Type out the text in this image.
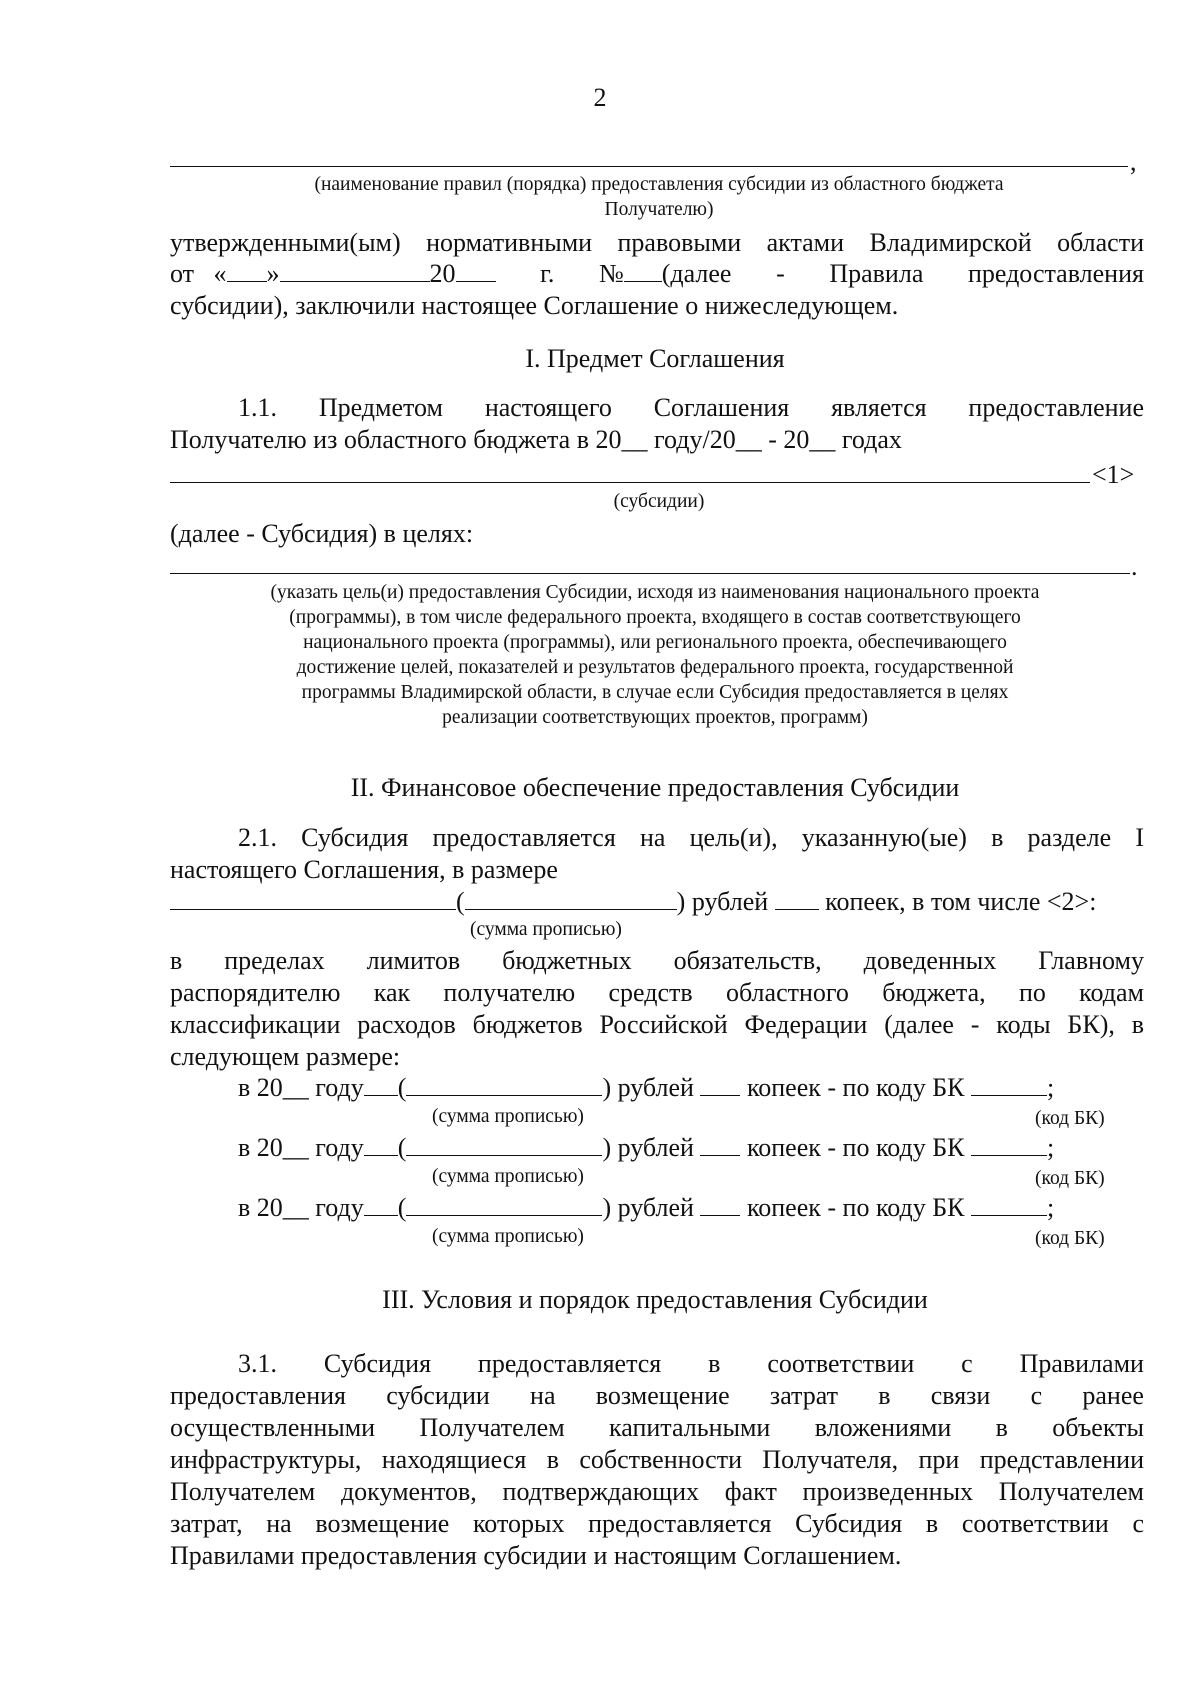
2
,
(наименование правил (порядка) предоставления субсидии из областного бюджета
Получателю)
утвержденными(ым) нормативными правовыми актами Владимирской области
от « »	20	г. № (далее - Правила предоставления
субсидии), заключили настоящее Соглашение о нижеследующем.
I. Предмет Соглашения
1.1. Предметом настоящего Соглашения является предоставление
Получателю из областного бюджета в 20__ году/20__ - 20__ годах
<1>
(субсидии)
(далее - Субсидия) в целях:
.
(указать цель(и) предоставления Субсидии, исходя из наименования национального проекта
(программы), в том числе федерального проекта, входящего в состав соответствующего
национального проекта (программы), или регионального проекта, обеспечивающего
достижение целей, показателей и результатов федерального проекта, государственной
программы Владимирской области, в случае если Субсидия предоставляется в целях
реализации соответствующих проектов, программ)
II. Финансовое обеспечение предоставления Субсидии
2.1. Субсидия предоставляется на цель(и), указанную(ые) в разделе I
настоящего Соглашения, в размере
(	) рублей копеек, в том числе <2>:
(сумма прописью)
в пределах лимитов бюджетных обязательств, доведенных Главному
распорядителю как получателю средств областного бюджета, по кодам
классификации расходов бюджетов Российской Федерации (далее - коды БК), в
следующем размере:
в 20__ году (	) рублей копеек - по коду БК	;
(сумма прописью)	(код БК)
в 20__ году (	) рублей копеек - по коду БК	;
(сумма прописью)	(код БК)
в 20__ году (	) рублей копеек - по коду БК	;
(сумма прописью)	(код БК)
III. Условия и порядок предоставления Субсидии
3.1. Субсидия предоставляется в соответствии с Правилами
предоставления субсидии на возмещение затрат в связи с ранее
осуществленными Получателем капитальными вложениями в объекты
инфраструктуры, находящиеся в собственности Получателя, при представлении
Получателем документов, подтверждающих факт произведенных Получателем
затрат, на возмещение которых предоставляется Субсидия в соответствии с
Правилами предоставления субсидии и настоящим Соглашением.
